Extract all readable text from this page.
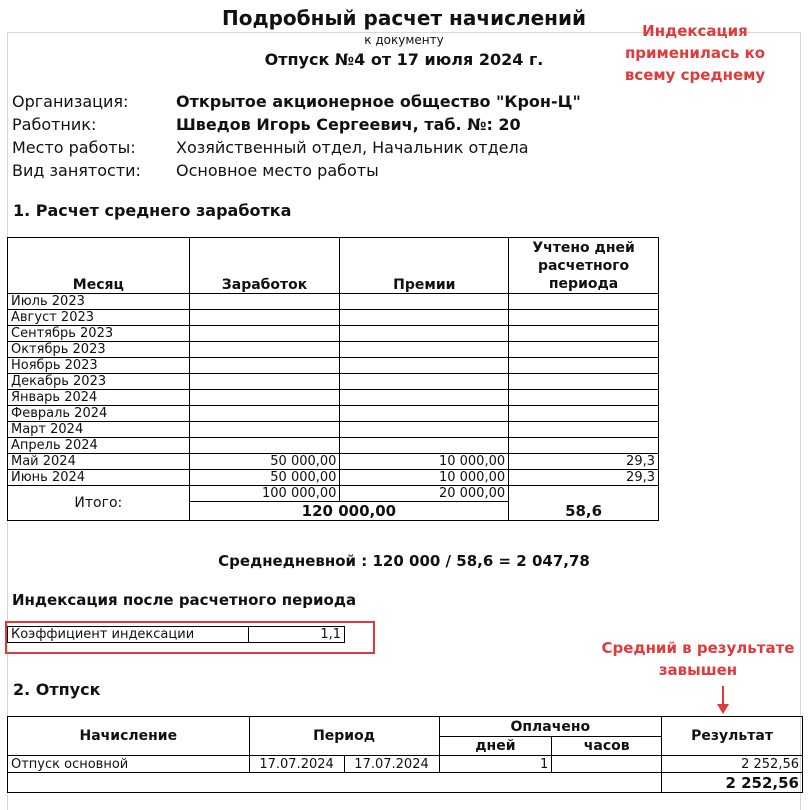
Подробный расчет начислений
к документу
Отпуск №4 от 17 июля 2024 г.
Индексация
применилась ко
всему среднему
Организация:	Открытое акционерное общество "Крон-Ц"
Работник:	Шведов Игорь Сергеевич, таб. №: 20
Место работы:	Хозяйственный отдел, Начальник отдела
Вид занятости: Основное место работы
1. Расчет среднего заработка
Месяц	Заработок	Премии	Учтено дней
расчетного
периода

Июль 2023			
Август 2023			
Сентябрь 2023			
Октябрь 2023			
Ноябрь 2023			
Декабрь 2023			
Январь 2024			
Февраль 2024			
Март 2024			
Апрель 2024			
Май 2024	50 000,00	10 000,00	29,3
Июнь 2024	50 000,00	10 000,00	29,3
Итого:	100 000,00	20 000,00	58,6
	120 000,00		
Среднедневной : 120 000 / 58,6 = 2 047,78
Индексация после расчетного периода
Коэффициент индексации	1,1
Средний в результате
завышен
2. Отпуск
Начисление	Период		Оплачено		Результат
			дней	часов	
Отпуск основной	17.07.2024	17.07.2024	1		2 252,56
					2 252,56
